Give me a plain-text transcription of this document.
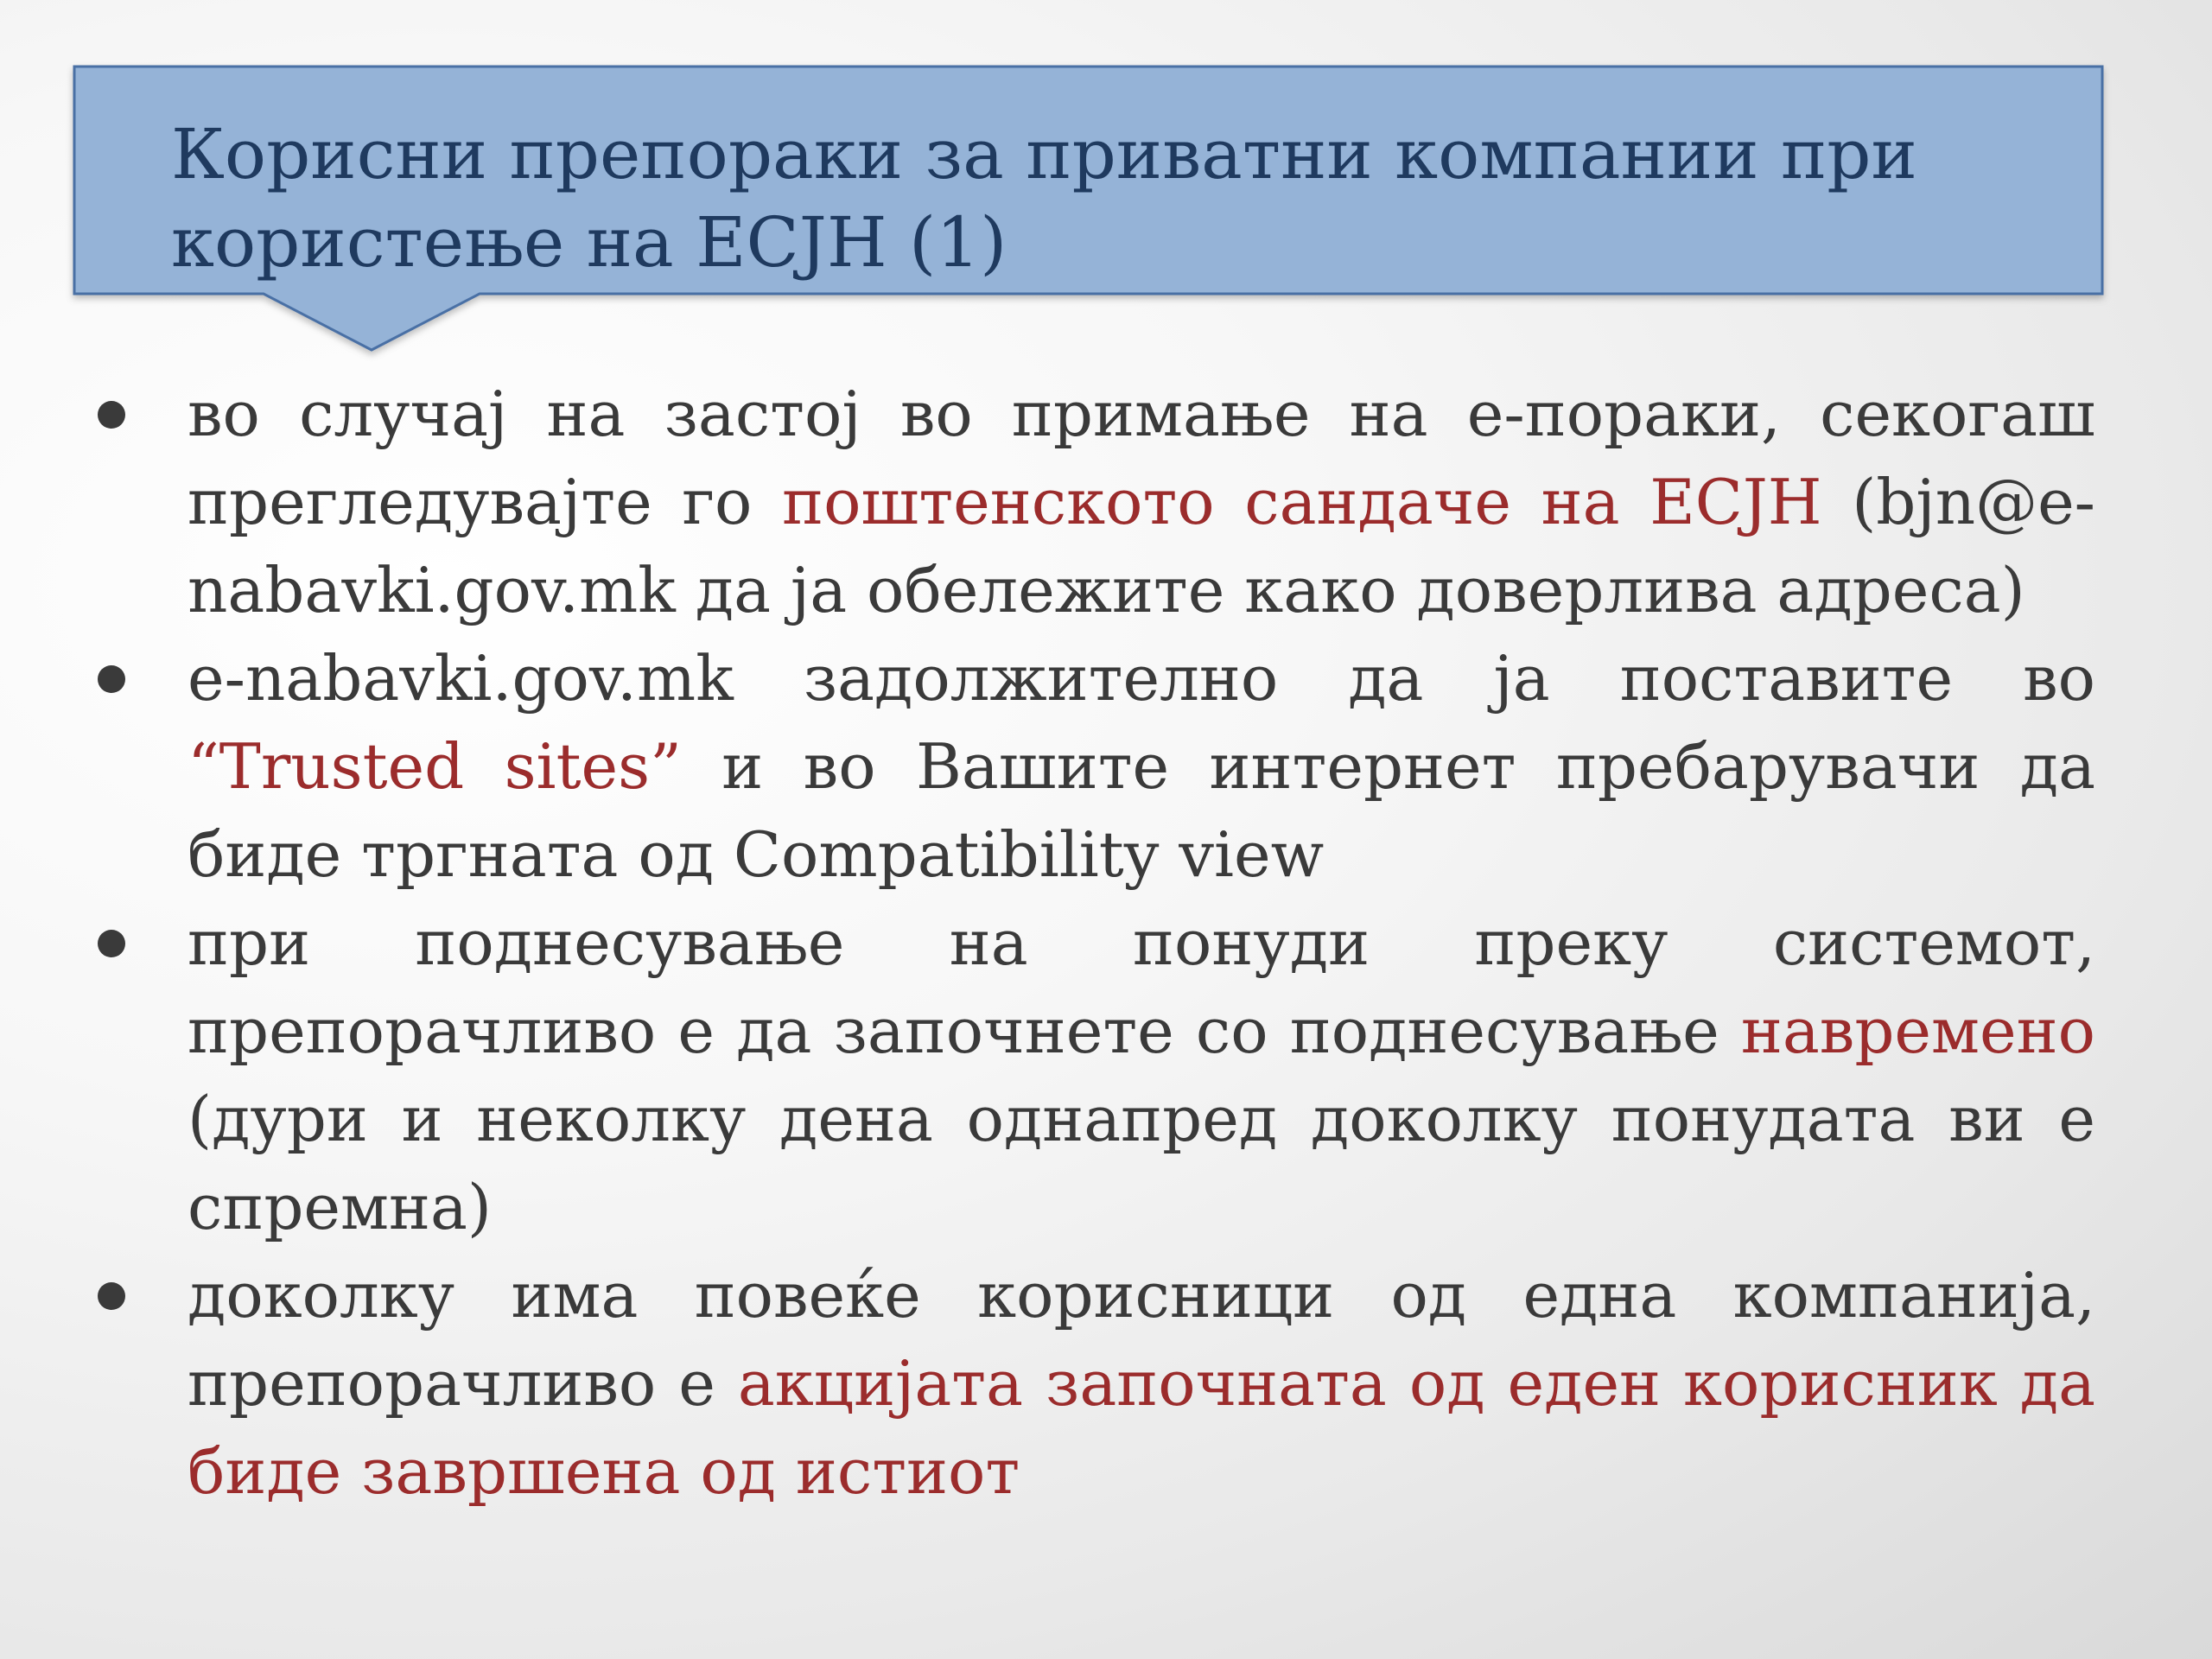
Корисни препораки за приватни компании при
користење на ЕСЈН (1)
во случај на застој во примање на е-пораки, секогаш прегледувајте го поштенското сандаче на ЕСЈН (bjn@e-nabavki.gov.mk да ја обележите како доверлива адреса)
e-nabavki.gov.mk задолжително да ја поставите во “Trusted sites” и во Вашите интернет пребарувачи да биде тргната од Compatibility view
при поднесување на понуди преку системот, препорачливо е да започнете со поднесување навремено (дури и неколку дена однапред доколку понудата ви е спремна)
доколку има повеќе корисници од една компанија, препорачливо е акцијата започната од еден корисник да биде завршена од истиот
